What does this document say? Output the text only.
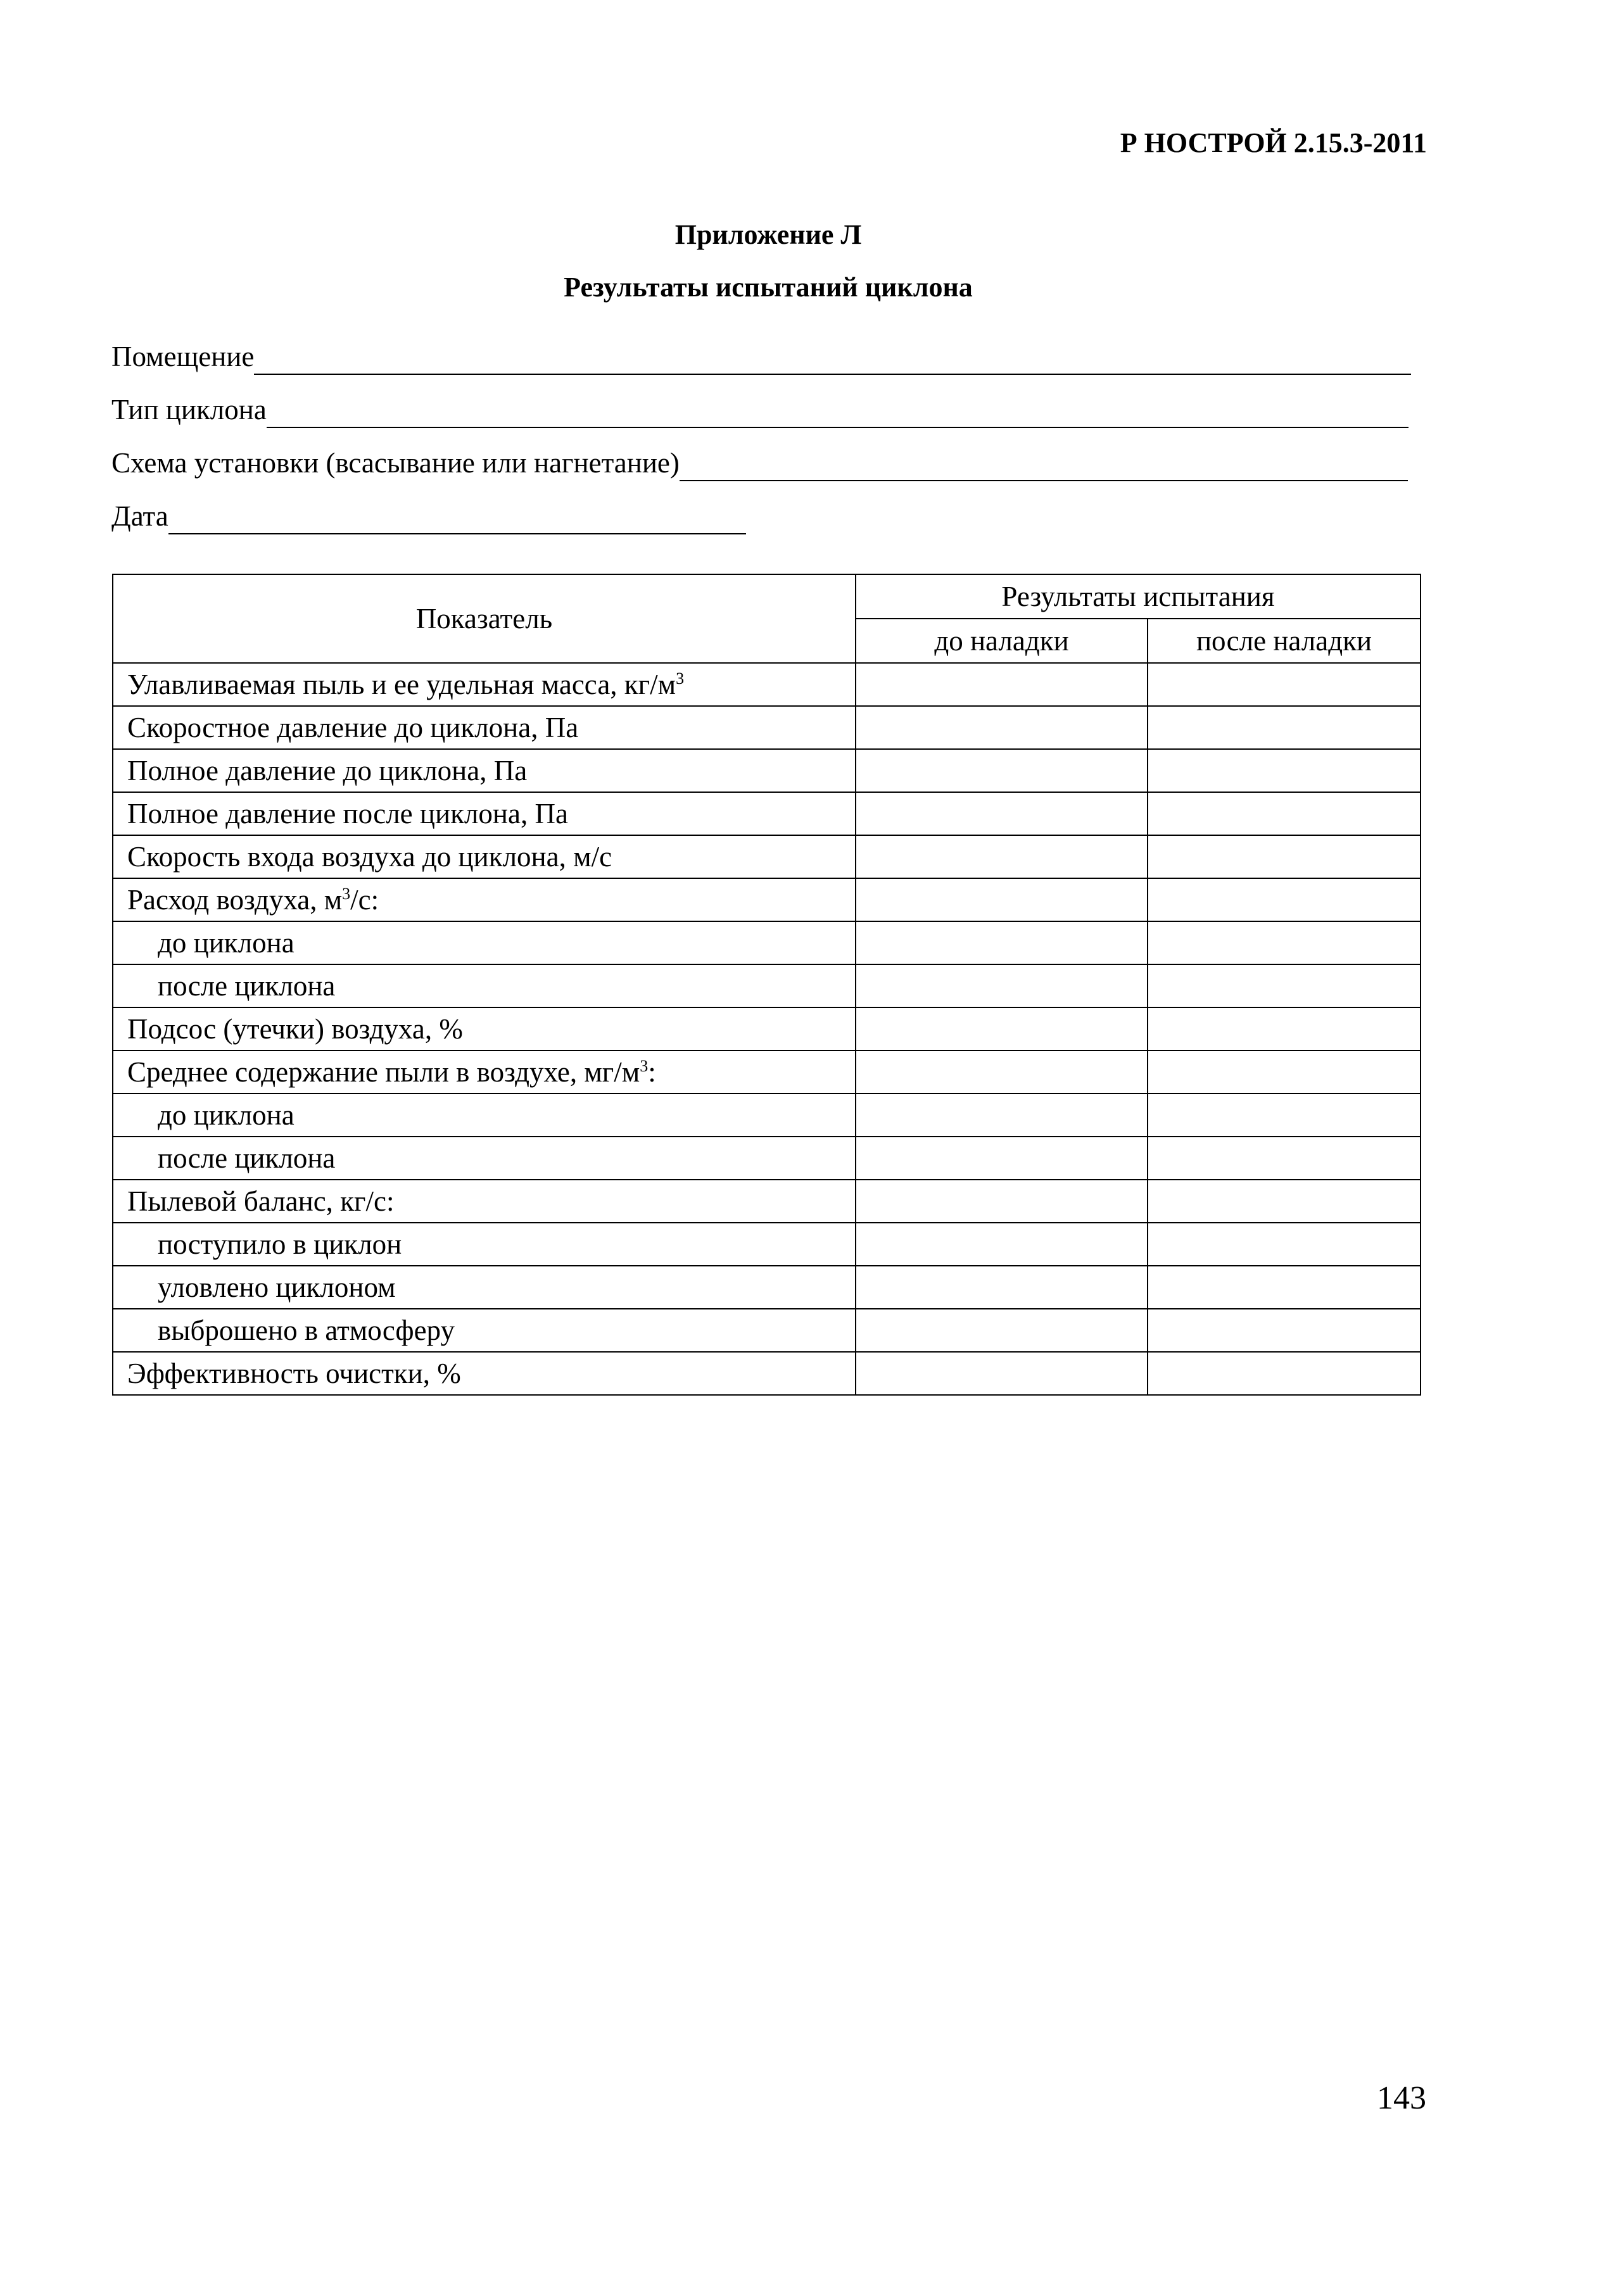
Р НОСТРОЙ 2.15.3-2011
Приложение Л
Результаты испытаний циклона
Помещение
Тип циклона
Схема установки (всасывание или нагнетание)
Дата
Показатель	Результаты испытания	
	до наладки	после наладки
Улавливаемая пыль и ее удельная масса, $кг/м^3$		
Скоростное давление до циклона, Па		
Полное давление до циклона, Па		
Полное давление после циклона, Па		
Скорость входа воздуха до циклона, м/с		
Расход воздуха, $м^3/с$:		
до циклона		
после циклона		
Подсос (утечки) воздуха, %		
Среднее содержание пыли в воздухе, $мг/м^3$:		
до циклона		
после циклона		
Пылевой баланс, кг/с:		
поступило в циклон		
уловлено циклоном		
выброшено в атмосферу		
Эффективность очистки, %		
143
